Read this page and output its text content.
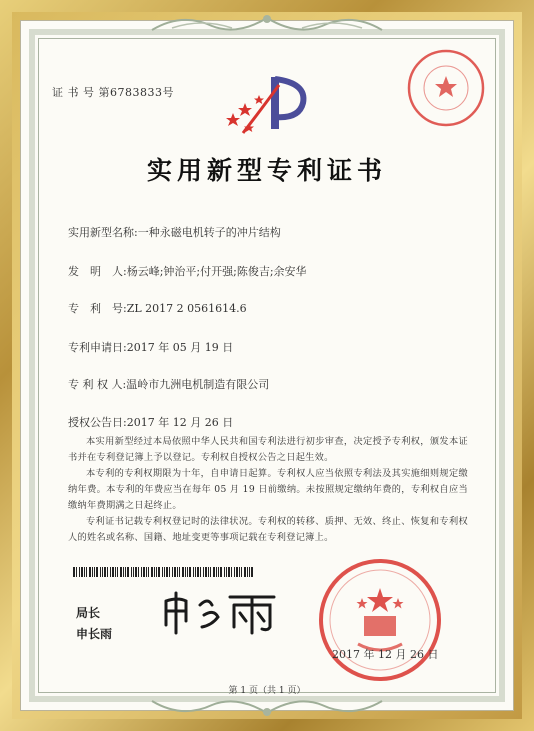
证 书 号 第6783833号
实用新型专利证书
实用新型名称:一种永磁电机转子的冲片结构
发　明　人:杨云峰;钟治平;付开强;陈俊吉;余安华
专　利　号:ZL 2017 2 0561614.6
专利申请日:2017 年 05 月 19 日
专 利 权 人:温岭市九洲电机制造有限公司
授权公告日:2017 年 12 月 26 日

本实用新型经过本局依照中华人民共和国专利法进行初步审查，决定授予专利权，颁发本证书并在专利登记簿上予以登记。专利权自授权公告之日起生效。

本专利的专利权期限为十年，自申请日起算。专利权人应当依照专利法及其实施细则规定缴纳年费。本专利的年费应当在每年 05 月 19 日前缴纳。未按照规定缴纳年费的，专利权自应当缴纳年费期满之日起终止。

专利证书记载专利权登记时的法律状况。专利权的转移、质押、无效、终止、恢复和专利权人的姓名或名称、国籍、地址变更等事项记载在专利登记簿上。

局长
申长雨
2017 年 12 月 26 日
第 1 页（共 1 页）
